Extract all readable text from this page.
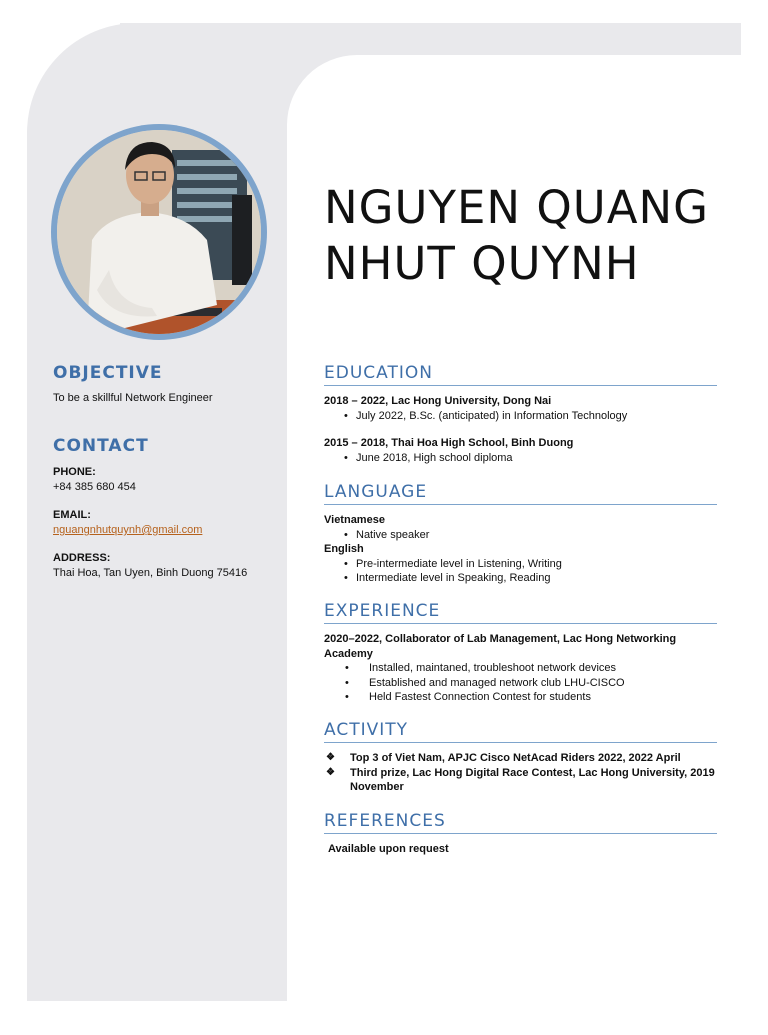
NGUYEN QUANG
NHUT QUYNH
OBJECTIVE
To be a skillful Network Engineer
CONTACT
PHONE:
+84 385 680 454
EMAIL:
nguangnhutquynh@gmail.com
ADDRESS:
Thai Hoa, Tan Uyen, Binh Duong 75416
EDUCATION
2018 – 2022, Lac Hong University, Dong Nai
• July 2022, B.Sc. (anticipated) in Information Technology
2015 – 2018, Thai Hoa High School, Binh Duong
• June 2018, High school diploma
LANGUAGE
Vietnamese
• Native speaker
English
• Pre-intermediate level in Listening, Writing
• Intermediate level in Speaking, Reading
EXPERIENCE
2020–2022, Collaborator of Lab Management, Lac Hong Networking Academy
• Installed, maintaned, troubleshoot network devices
• Established and managed network club LHU-CISCO
• Held Fastest Connection Contest for students
ACTIVITY
❖ Top 3 of Viet Nam, APJC Cisco NetAcad Riders 2022, 2022 April
❖ Third prize, Lac Hong Digital Race Contest, Lac Hong University, 2019 November
REFERENCES
Available upon request
